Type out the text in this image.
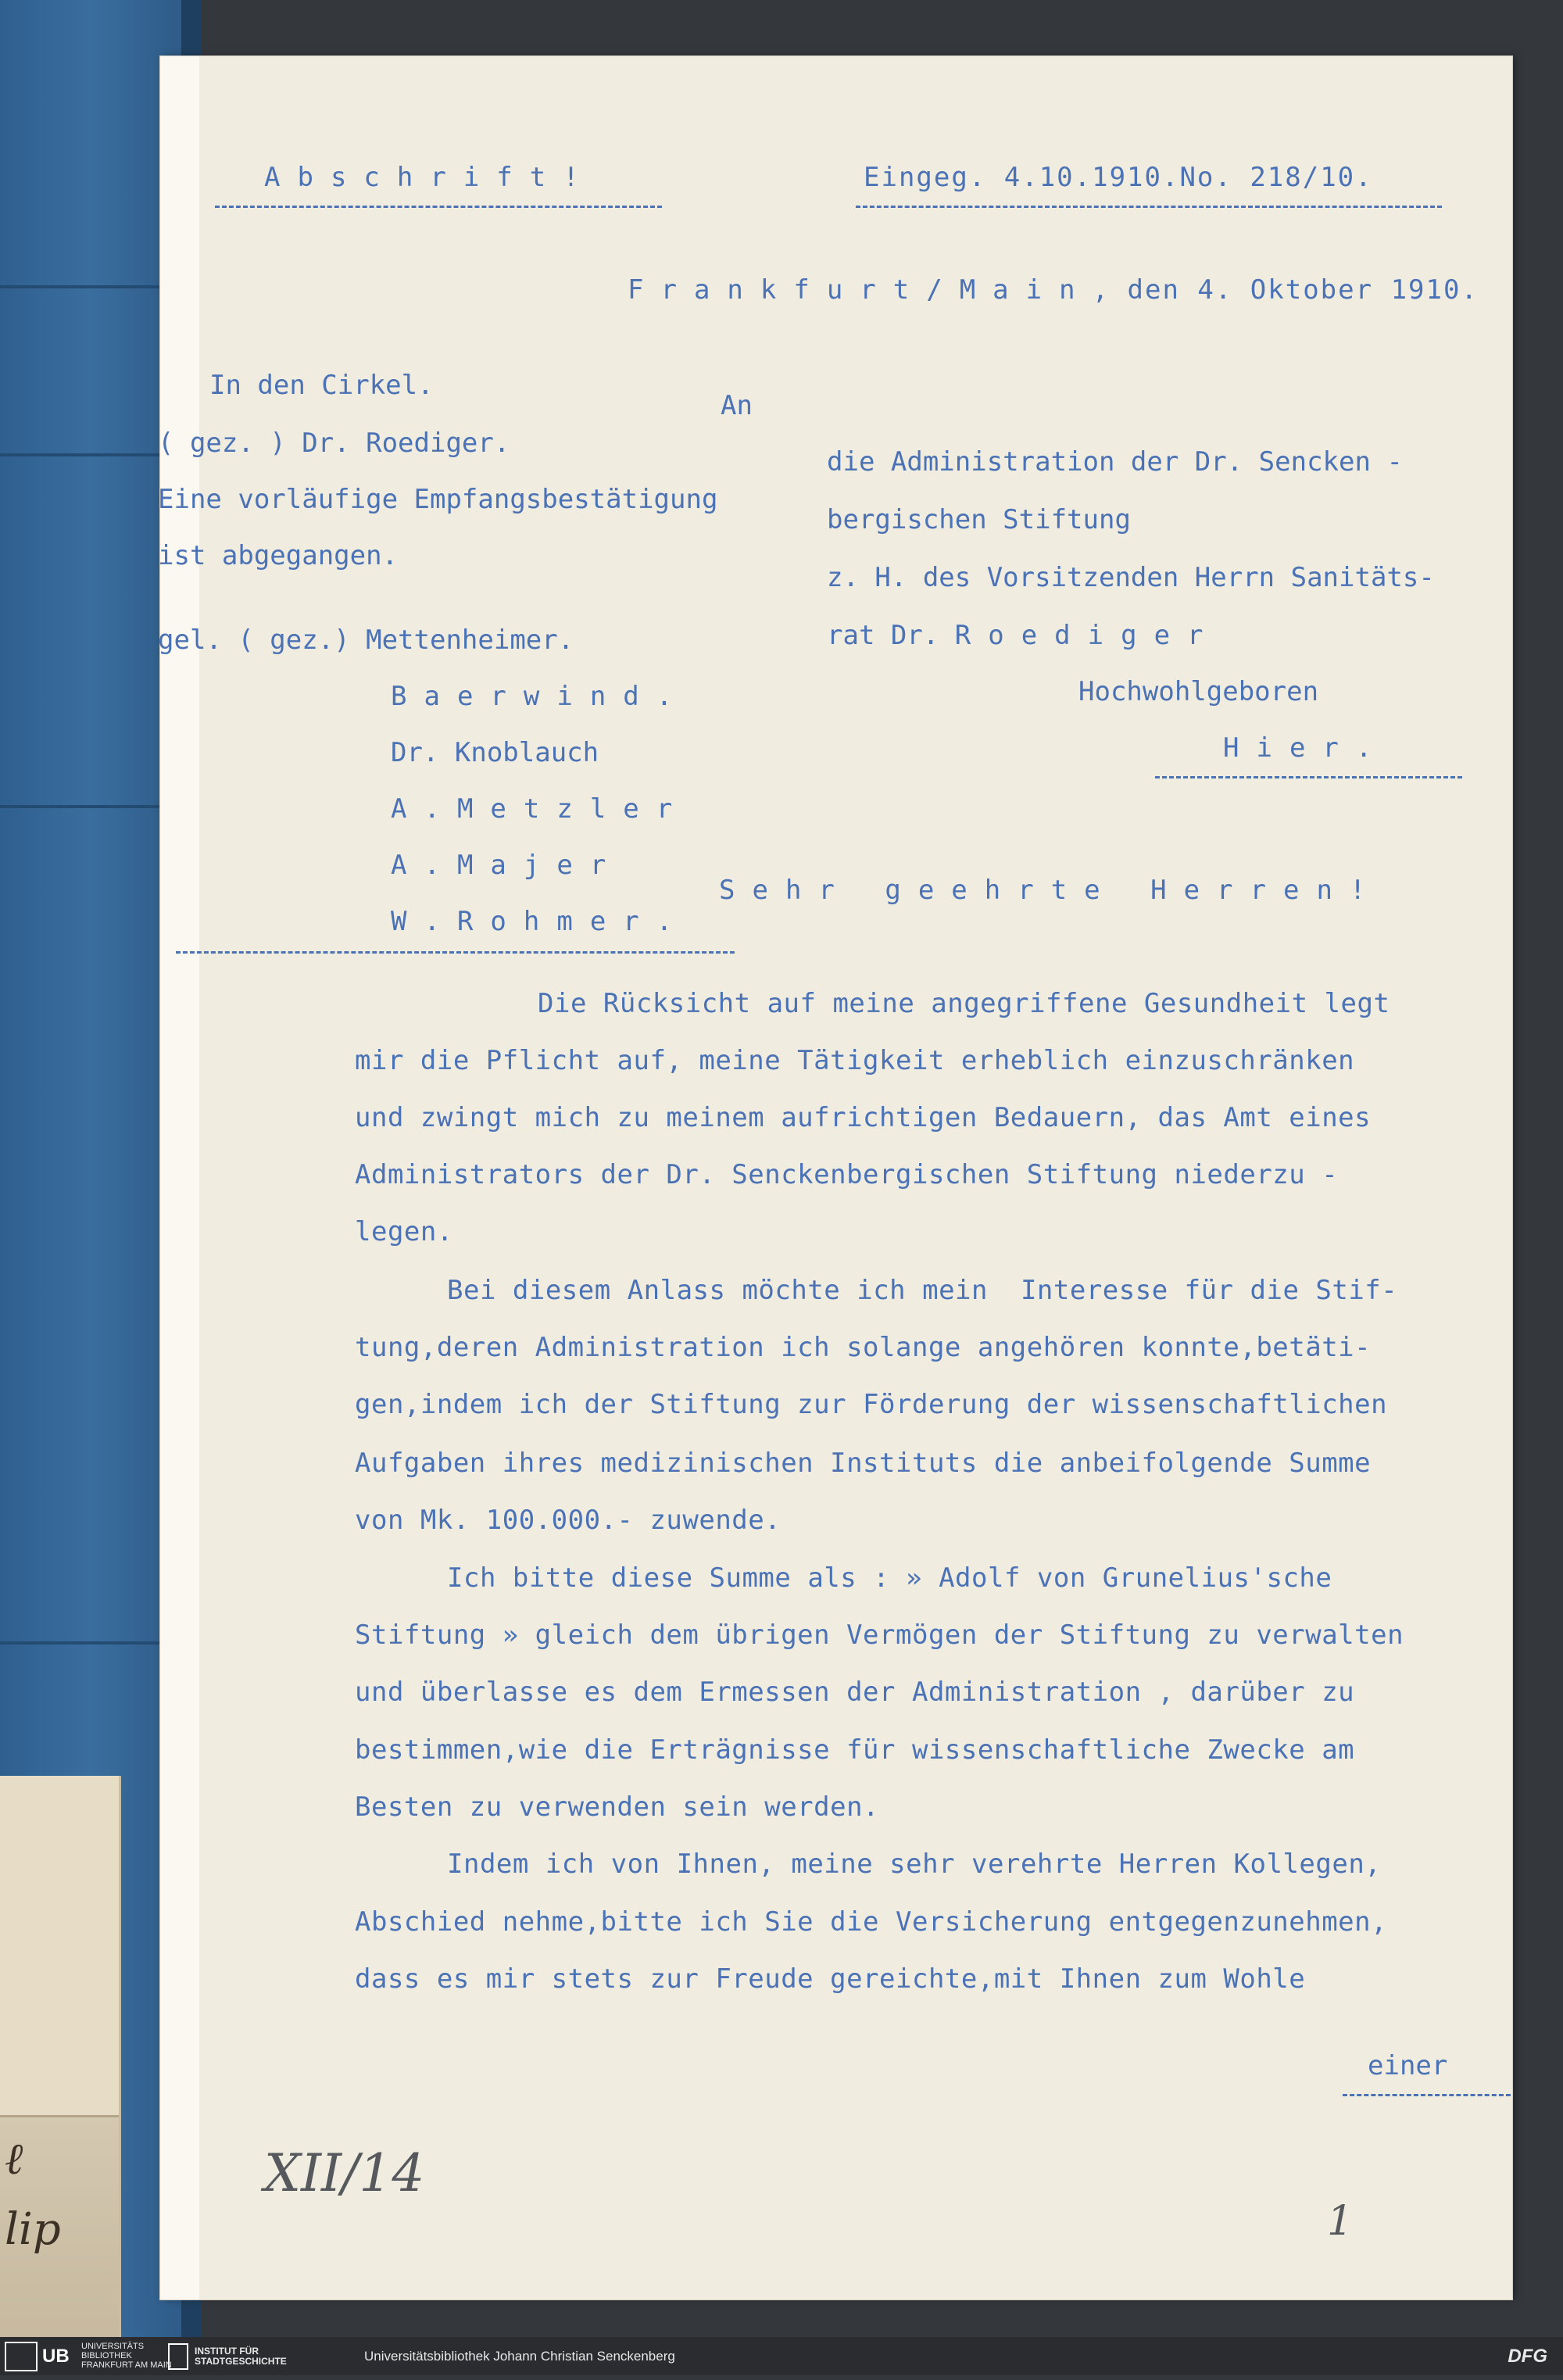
ℓ
lip
Abschrift!	Eingeg. 4.10.1910.No. 218/10.
Frankfurt/Main, den 4. Oktober 1910.
In den Cirkel.
( gez. ) Dr. Roediger.
Eine vorläufige Empfangsbestätigung
ist abgegangen.
gel. ( gez.) Mettenheimer.
Baerwind.
Dr. Knoblauch
A.Metzler
A.Majer
W.Rohmer.
An
die Administration der Dr. Sencken -
bergischen Stiftung
z. H. des Vorsitzenden Herrn Sanitäts-
rat Dr. Roediger
Hochwohlgeboren
Hier.
Sehr geehrte Herren!
Die Rücksicht auf meine angegriffene Gesundheit legt
mir die Pflicht auf, meine Tätigkeit erheblich einzuschränken
und zwingt mich zu meinem aufrichtigen Bedauern, das Amt eines
Administrators der Dr. Senckenbergischen Stiftung niederzu -
legen.
Bei diesem Anlass möchte ich mein  Interesse für die Stif-
tung,deren Administration ich solange angehören konnte,betäti-
gen,indem ich der Stiftung zur Förderung der wissenschaftlichen
Aufgaben ihres medizinischen Instituts die anbeifolgende Summe
von Mk. 100.000.- zuwende.
Ich bitte diese Summe als : » Adolf von Grunelius'sche
Stiftung » gleich dem übrigen Vermögen der Stiftung zu verwalten
und überlasse es dem Ermessen der Administration , darüber zu
bestimmen,wie die Erträgnisse für wissenschaftliche Zwecke am
Besten zu verwenden sein werden.
Indem ich von Ihnen, meine sehr verehrte Herren Kollegen,
Abschied nehme,bitte ich Sie die Versicherung entgegenzunehmen,
dass es mir stets zur Freude gereichte,mit Ihnen zum Wohle
einer
XII/14
1
UB UNIVERSITÄTS
BIBLIOTHEK
FRANKFURT AM MAIN
INSTITUT FÜR
STADTGESCHICHTE	Universitätsbibliothek Johann Christian Senckenberg	DFG
